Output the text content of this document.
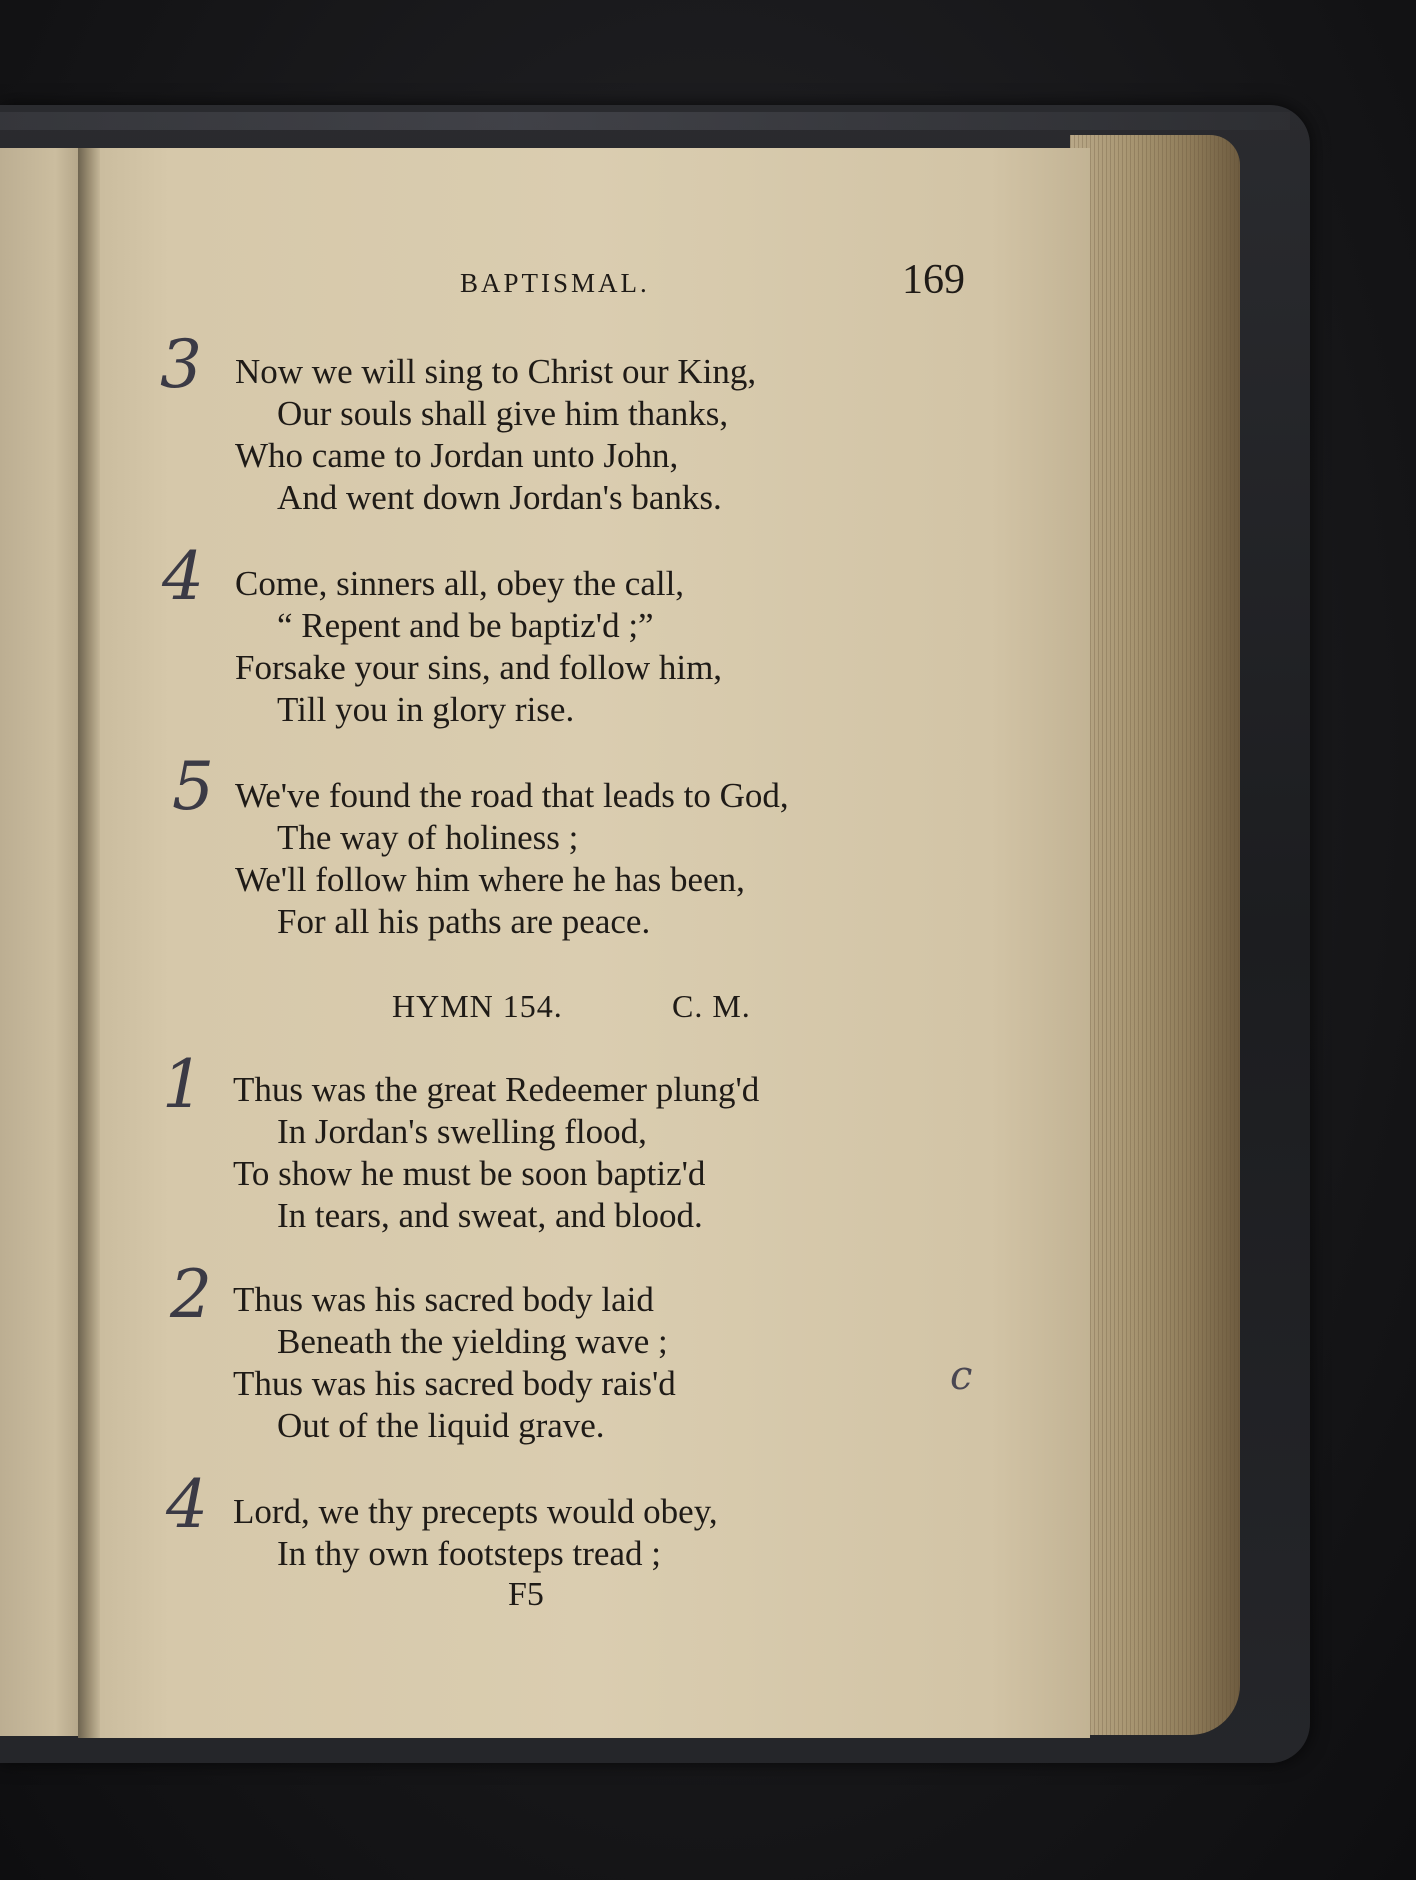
BAPTISMAL.	169
3 Now we will sing to Christ our King,
Our souls shall give him thanks,
Who came to Jordan unto John,
And went down Jordan's banks.
4 Come, sinners all, obey the call,
“ Repent and be baptiz'd ;”
Forsake your sins, and follow him,
Till you in glory rise.
5 We've found the road that leads to God,
The way of holiness ;
We'll follow him where he has been,
For all his paths are peace.
HYMN 154.	C. M.
1 Thus was the great Redeemer plung'd
In Jordan's swelling flood,
To show he must be soon baptiz'd
In tears, and sweat, and blood.
2 Thus was his sacred body laid
Beneath the yielding wave ;
Thus was his sacred body rais'd
Out of the liquid grave.
c
4 Lord, we thy precepts would obey,
In thy own footsteps tread ;
F5
